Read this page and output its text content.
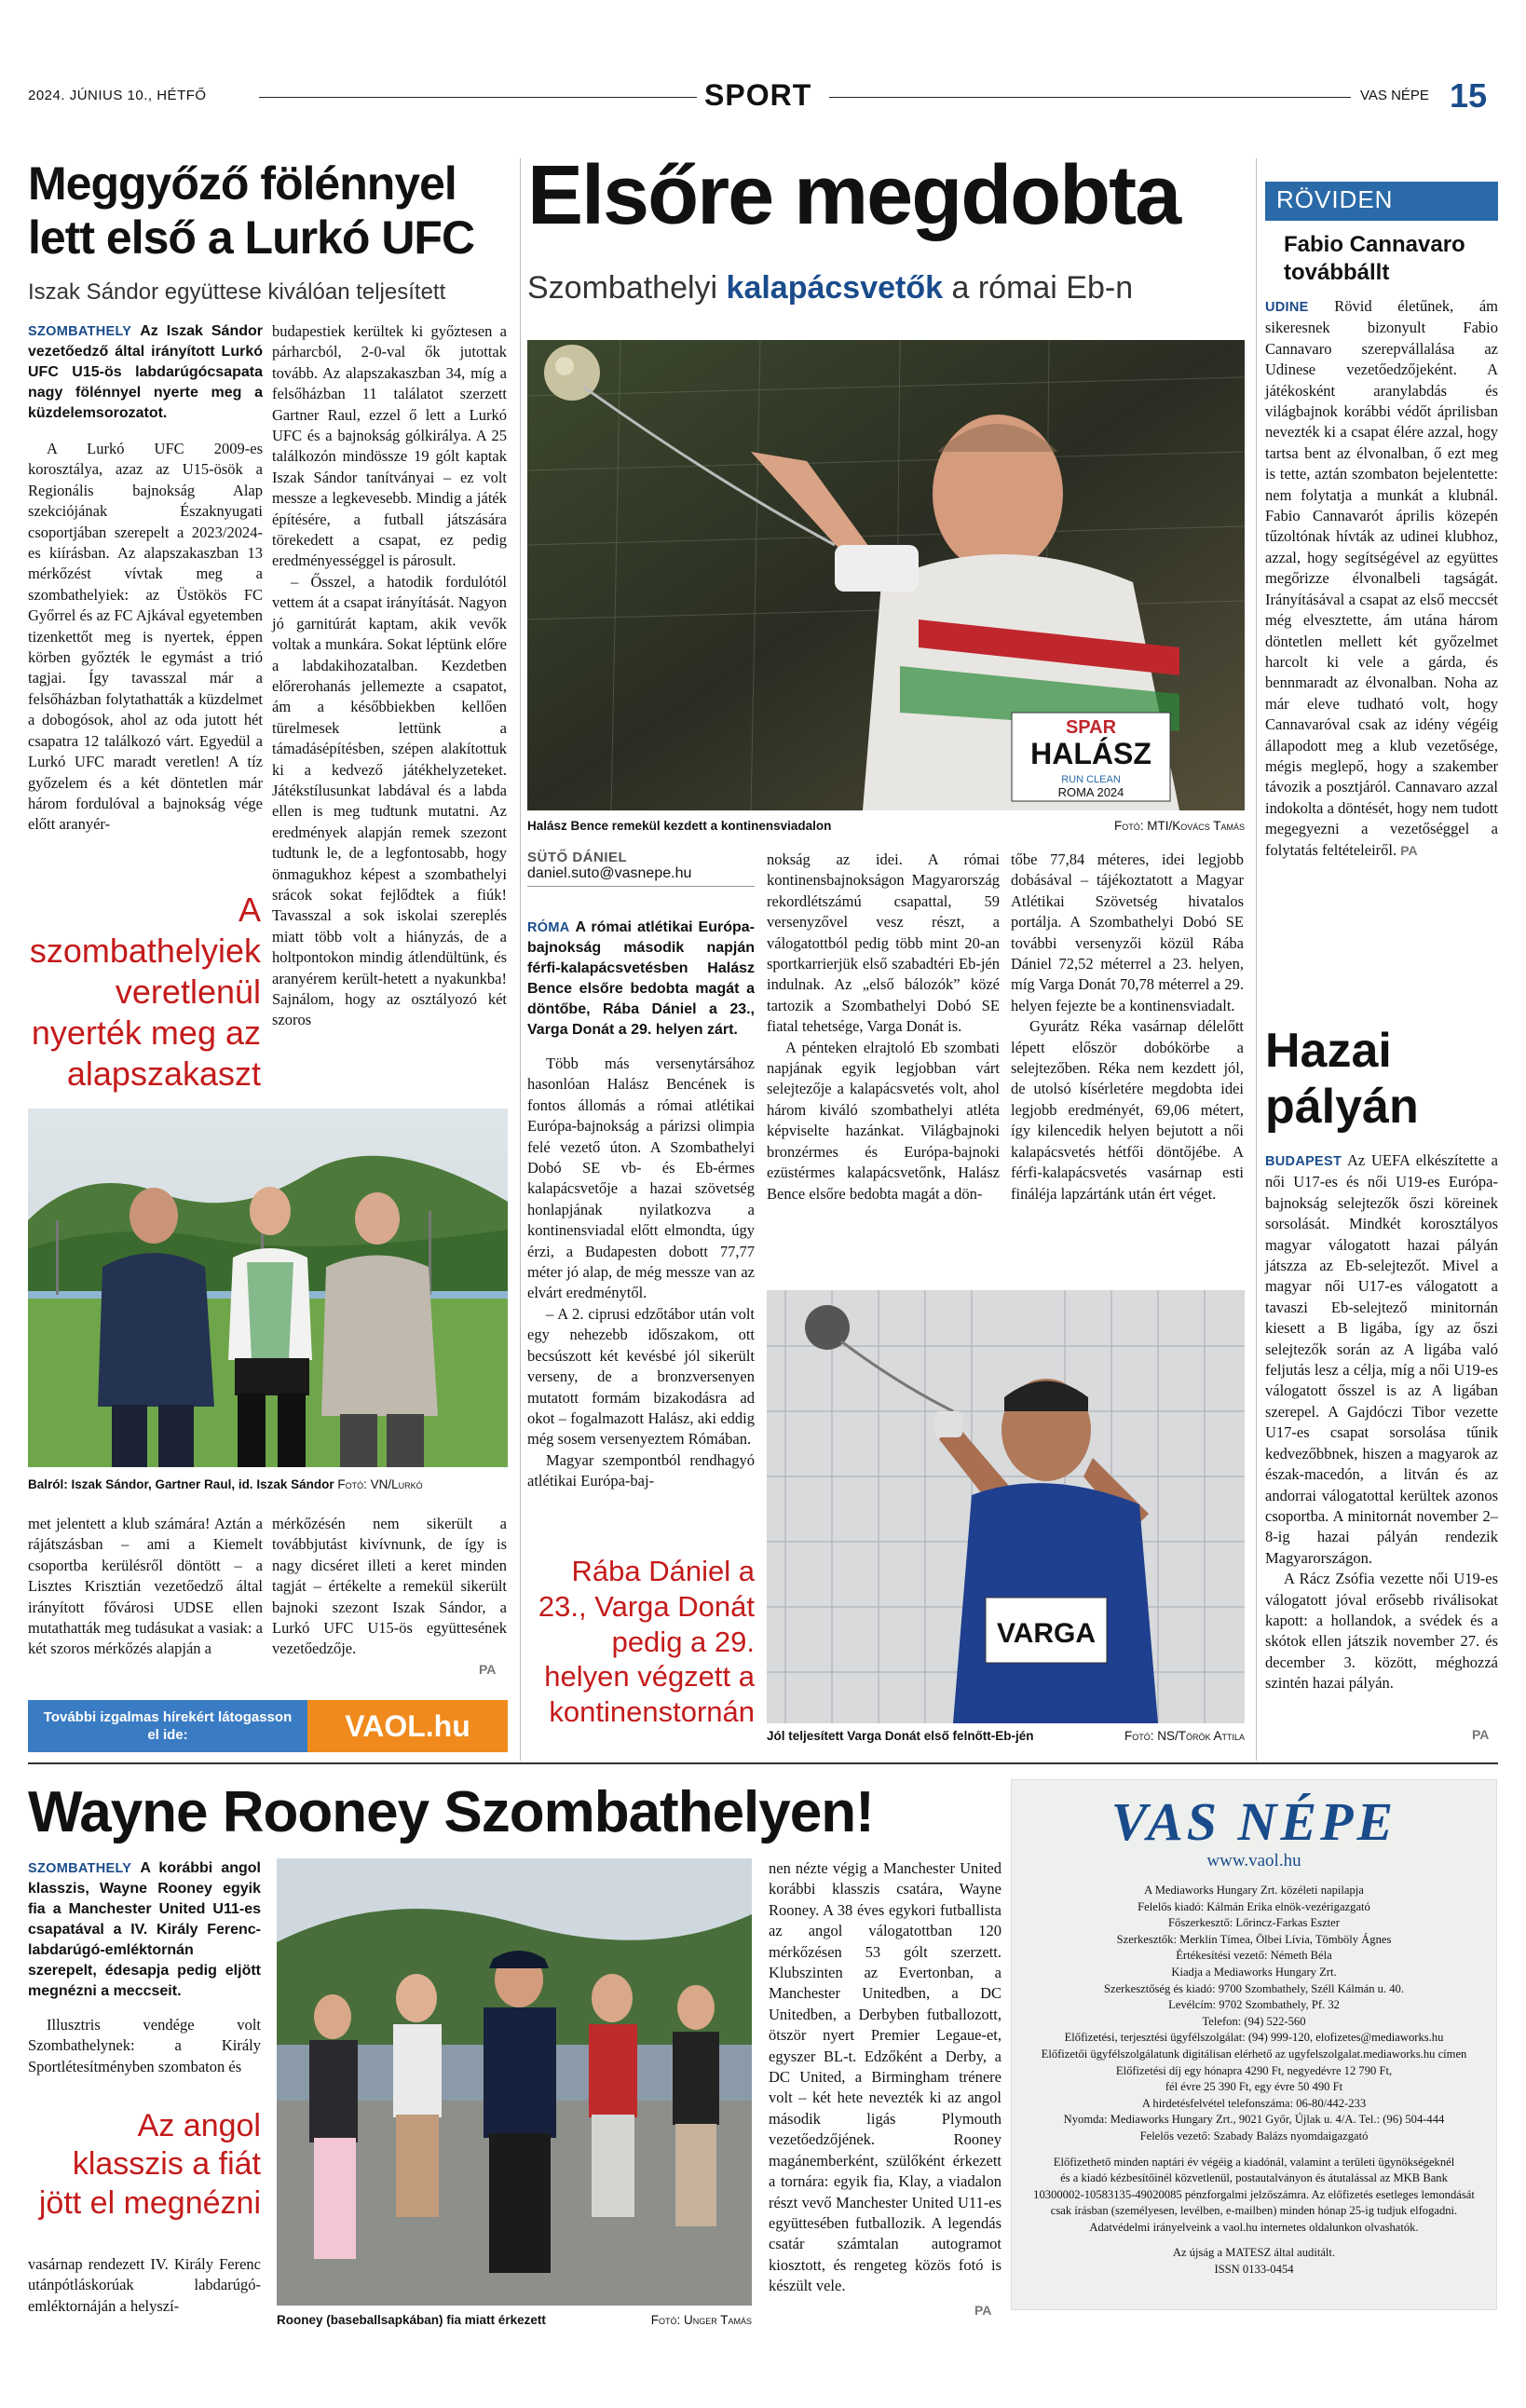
2024. JÚNIUS 10., HÉTFŐ	SPORT	VAS NÉPE 15
Meggyőző fölénnyel lett első a Lurkó UFC
Iszak Sándor együttese kiválóan teljesített

SZOMBATHELY Az Iszak Sándor vezetőedző által irányított Lurkó UFC U15-ös labdarúgócsapata nagy fölénnyel nyerte meg a küzdelemsorozatot.

A Lurkó UFC 2009-es korosztálya, azaz az U15-ösök a Regionális bajnokság Alap szekciójának Északnyugati csoportjában szerepelt a 2023/2024-es kiírásban. Az alapszakaszban 13 mérkőzést vívtak meg a szombathelyiek: az Üstökös FC Győrrel és az FC Ajkával egyetemben tizenkettőt meg is nyertek, éppen körben győzték le egymást a trió tagjai. Így tavasszal már a felsőházban folytathatták a küzdelmet a dobogósok, ahol az oda jutott hét csapatra 12 találkozó várt. Egyedül a Lurkó UFC maradt veretlen! A tíz győzelem és a két döntetlen már három fordulóval a bajnokság vége előtt aranyér-

budapestiek kerültek ki győztesen a párharcból, 2-0-val ők jutottak tovább. Az alapszakaszban 34, míg a felsőházban 11 találatot szerzett Gartner Raul, ezzel ő lett a Lurkó UFC és a bajnokság gólkirálya. A 25 találkozón mindössze 19 gólt kaptak Iszak Sándor tanítványai – ez volt messze a legkevesebb. Mindig a játék építésére, a futball játszására törekedett a csapat, ez pedig eredményességgel is párosult.

– Ősszel, a hatodik fordulótól vettem át a csapat irányítását. Nagyon jó garnitúrát kaptam, akik vevők voltak a munkára. Sokat léptünk előre a labdakihozatalban. Kezdetben előrerohanás jellemezte a csapatot, ám a későbbiekben kellően türelmesek lettünk a támadásépítésben, szépen alakítottuk ki a kedvező játékhelyzeteket. Játékstílusunkat labdával és a labda ellen is meg tudtunk mutatni. Az eredmények alapján remek szezont tudtunk le, de a legfontosabb, hogy önmagukhoz képest a szombathelyi srácok sokat fejlődtek a fiúk! Tavasszal a sok iskolai szereplés miatt több volt a hiányzás, de a holtpontokon mindig átlendültünk, és aranyérem került-hetett a nyakunkba! Sajnálom, hogy az osztályozó két szoros

A szombathelyiek veretlenül nyerték meg az alapszakaszt
Balról: Iszak Sándor, Gartner Raul, id. Iszak Sándor Fotó: VN/Lurkó

met jelentett a klub számára! Aztán a rájátszásban – ami a Kiemelt csoportba kerülésről döntött – a Lisztes Krisztián vezetőedző által irányított fővárosi UDSE ellen mutathatták meg tudásukat a vasiak: a két szoros mérkőzés alapján a

mérkőzésén nem sikerült a továbbjutást kivívnunk, de így is nagy dicséret illeti a keret minden tagját – értékelte a remekül sikerült bajnoki szezont Iszak Sándor, a Lurkó UFC U15-ös együttesének vezetőedzője.

PA
További izgalmas hírekért látogasson el ide:	VAOL.hu
Elsőre megdobta
Szombathelyi kalapácsvetők a római Eb-n
SPAR
HALÁSZ
RUN CLEAN
ROMA 2024
Halász Bence remekül kezdett a kontinensviadalon	Fotó: MTI/Kovács Tamás
SÜTŐ DÁNIEL
daniel.suto@vasnepe.hu

RÓMA A római atlétikai Európa-bajnokság második napján férfi-kalapácsvetésben Halász Bence elsőre bedobta magát a döntőbe, Rába Dániel a 23., Varga Donát a 29. helyen zárt.

Több más versenytársához hasonlóan Halász Bencének is fontos állomás a római atlétikai Európa-bajnokság a párizsi olimpia felé vezető úton. A Szombathelyi Dobó SE vb- és Eb-érmes kalapácsvetője a hazai szövetség honlapjának nyilatkozva a kontinensviadal előtt elmondta, úgy érzi, a Budapesten dobott 77,77 méter jó alap, de még messze van az elvárt eredménytől.

– A 2. ciprusi edzőtábor után volt egy nehezebb időszakom, ott becsúszott két kevésbé jól sikerült verseny, de a bronzversenyen mutatott formám bizakodásra ad okot – fogalmazott Halász, aki eddig még sosem versenyeztem Rómában.

Magyar szempontból rendhagyó atlétikai Európa-baj-

Rába Dániel a 23., Varga Donát pedig a 29. helyen végzett a kontinenstornán

nokság az idei. A római kontinensbajnokságon Magyarország rekordlétszámú csapattal, 59 versenyzővel vesz részt, a válogatottból pedig több mint 20-an sportkarrierjük első szabadtéri Eb-jén indulnak. Az „első bálozók” közé tartozik a Szombathelyi Dobó SE fiatal tehetsége, Varga Donát is.

A pénteken elrajtoló Eb szombati napjának egyik legjobban várt selejtezője a kalapácsvetés volt, ahol három kiváló szombathelyi atléta képviselte hazánkat. Világbajnoki bronzérmes és Európa-bajnoki ezüstérmes kalapácsvetőnk, Halász Bence elsőre bedobta magát a dön-

tőbe 77,84 méteres, idei legjobb dobásával – tájékoztatott a Magyar Atlétikai Szövetség hivatalos portálja. A Szombathelyi Dobó SE további versenyzői közül Rába Dániel 72,52 méterrel a 23. helyen, míg Varga Donát 70,78 méterrel a 29. helyen fejezte be a kontinensviadalt.

Gyurátz Réka vasárnap délelőtt lépett először dobókörbe a selejtezőben. Réka nem kezdett jól, de utolsó kísérletére megdobta idei legjobb eredményét, 69,06 métert, így kilencedik helyen bejutott a női kalapácsvetés hétfői döntőjébe. A férfi-kalapácsvetés vasárnap esti fináléja lapzártánk után ért véget.

VARGA
Jól teljesített Varga Donát első felnőtt-Eb-jén	Fotó: NS/Török Attila
RÖVIDEN
Fabio Cannavaro továbbállt

UDINE Rövid életűnek, ám sikeresnek bizonyult Fabio Cannavaro szerepvállalása az Udinese vezetőedzőjeként. A játékosként aranylabdás és világbajnok korábbi védőt áprilisban nevezték ki a csapat élére azzal, hogy tartsa bent az élvonalban, ő ezt meg is tette, aztán szombaton bejelentette: nem folytatja a munkát a klubnál. Fabio Cannavarót április közepén tűzoltónak hívták az udinei klubhoz, azzal, hogy segítségével az együttes megőrizze élvonalbeli tagságát. Irányításával a csapat az első meccsét még elvesztette, ám utána három döntetlen mellett két győzelmet harcolt ki vele a gárda, és bennmaradt az élvonalban. Noha az már eleve tudható volt, hogy Cannavaróval csak az idény végéig állapodott meg a klub vezetősége, mégis meglepő, hogy a szakember távozik a posztjáról. Cannavaro azzal indokolta a döntését, hogy nem tudott megegyezni a vezetőséggel a folytatás feltételeiről. PA

Hazai pályán

BUDAPEST Az UEFA elkészítette a női U17-es és női U19-es Európa-bajnokság selejtezők őszi köreinek sorsolását. Mindkét korosztályos magyar válogatott hazai pályán játszza az Eb-selejtezőt. Mivel a magyar női U17-es válogatott a tavaszi Eb-selejtező minitornán kiesett a B ligába, így az őszi selejtezők során az A ligába való feljutás lesz a célja, míg a női U19-es válogatott ősszel is az A ligában szerepel. A Gajdóczi Tibor vezette U17-es csapat sorsolása tűnik kedvezőbbnek, hiszen a magyarok az észak-macedón, a litván és az andorrai válogatottal kerültek azonos csoportba. A minitornát november 2–8-ig hazai pályán rendezik Magyarországon.

A Rácz Zsófia vezette női U19-es válogatott jóval erősebb riválisokat kapott: a hollandok, a svédek és a skótok ellen játszik november 27. és december 3. között, méghozzá szintén hazai pályán.

PA
Wayne Rooney Szombathelyen!

SZOMBATHELY A korábbi angol klasszis, Wayne Rooney egyik fia a Manchester United U11-es csapatával a IV. Király Ferenc-labdarúgó-emléktornán szerepelt, édesapja pedig eljött megnézni a meccseit.

Illusztris vendége volt Szombathelynek: a Király Sportlétesítményben szombaton és

Az angol klasszis a fiát jött el megnézni

vasárnap rendezett IV. Király Ferenc utánpótláskorúak labdarúgó-emléktornáján a helyszí-

Rooney (baseballsapkában) fia miatt érkezett	Fotó: Unger Tamás

nen nézte végig a Manchester United korábbi klasszis csatára, Wayne Rooney. A 38 éves egykori futballista az angol válogatottban 120 mérkőzésen 53 gólt szerzett. Klubszinten az Evertonban, a Manchester Unitedben, a DC Unitedben, a Derbyben futballozott, ötször nyert Premier Legaue-et, egyszer BL-t. Edzőként a Derby, a DC United, a Birmingham trénere volt – két hete nevezték ki az angol második ligás Plymouth vezetőedzőjének. Rooney magánemberként, szülőként érkezett a tornára: egyik fia, Klay, a viadalon részt vevő Manchester United U11-es együttesében futballozik. A legendás csatár számtalan autogramot kiosztott, és rengeteg közös fotó is készült vele.

PA
VAS NÉPE
www.vaol.hu
A Mediaworks Hungary Zrt. közéleti napilapja
Felelős kiadó: Kálmán Erika elnök-vezérigazgató
Főszerkesztő: Lőrincz-Farkas Eszter
Szerkesztők: Merklin Tímea, Ölbei Lívia, Tömböly Ágnes
Értékesítési vezető: Németh Béla
Kiadja a Mediaworks Hungary Zrt.
Szerkesztőség és kiadó: 9700 Szombathely, Széll Kálmán u. 40.
Levélcím: 9702 Szombathely, Pf. 32
Telefon: (94) 522-560
Előfizetési, terjesztési ügyfélszolgálat: (94) 999-120, elofizetes@mediaworks.hu
Előfizetői ügyfélszolgálatunk digitálisan elérhető az ugyfelszolgalat.mediaworks.hu címen
Előfizetési díj egy hónapra 4290 Ft, negyedévre 12 790 Ft,
fél évre 25 390 Ft, egy évre 50 490 Ft
A hirdetésfelvétel telefonszáma: 06-80/442-233
Nyomda: Mediaworks Hungary Zrt., 9021 Győr, Újlak u. 4/A. Tel.: (96) 504-444
Felelős vezető: Szabady Balázs nyomdaigazgató
Előfizethető minden naptári év végéig a kiadónál, valamint a területi ügynökségeknél
és a kiadó kézbesítőinél közvetlenül, postautalványon és átutalással az MKB Bank
10300002-10583135-49020085 pénzforgalmi jelzőszámra. Az előfizetés esetleges lemondását
csak írásban (személyesen, levélben, e-mailben) minden hónap 25-ig tudjuk elfogadni.
Adatvédelmi irányelveink a vaol.hu internetes oldalunkon olvashatók.
Az újság a MATESZ által auditált.
ISSN 0133-0454
